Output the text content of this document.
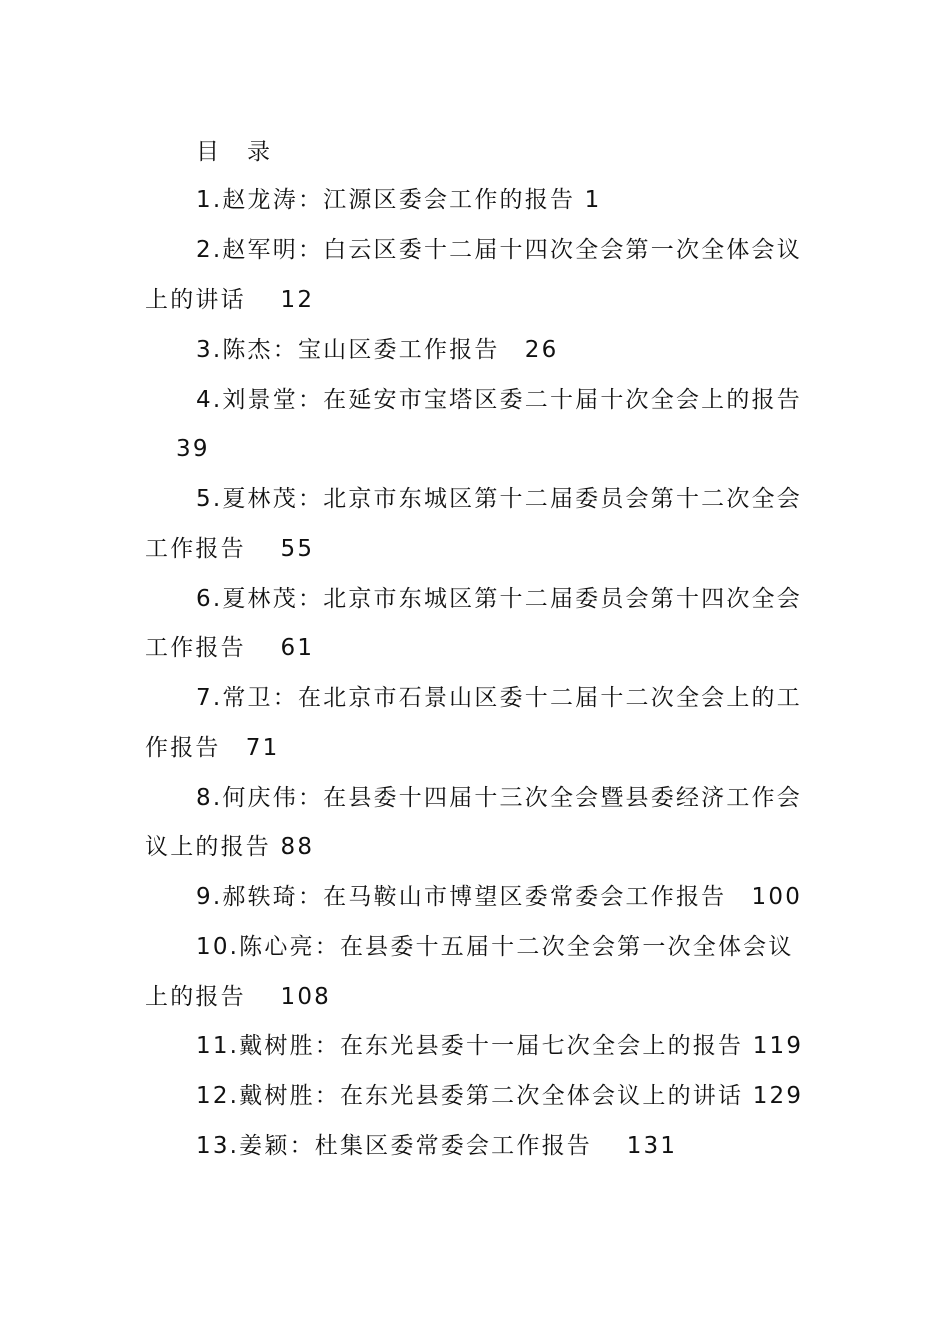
目 录
1.赵龙涛：江源区委会工作的报告 1
2.赵军明：白云区委十二届十四次全会第一次全体会议
上的讲话　 12
3.陈杰：宝山区委工作报告　26
4.刘景堂：在延安市宝塔区委二十届十次全会上的报告
39
5.夏林茂：北京市东城区第十二届委员会第十二次全会
工作报告　 55
6.夏林茂：北京市东城区第十二届委员会第十四次全会
工作报告　 61
7.常卫：在北京市石景山区委十二届十二次全会上的工
作报告　71
8.何庆伟：在县委十四届十三次全会暨县委经济工作会
议上的报告 88
9.郝轶琦：在马鞍山市博望区委常委会工作报告　100
10.陈心亮：在县委十五届十二次全会第一次全体会议
上的报告　 108
11.戴树胜：在东光县委十一届七次全会上的报告 119
12.戴树胜：在东光县委第二次全体会议上的讲话 129
13.姜颖：杜集区委常委会工作报告　 131
